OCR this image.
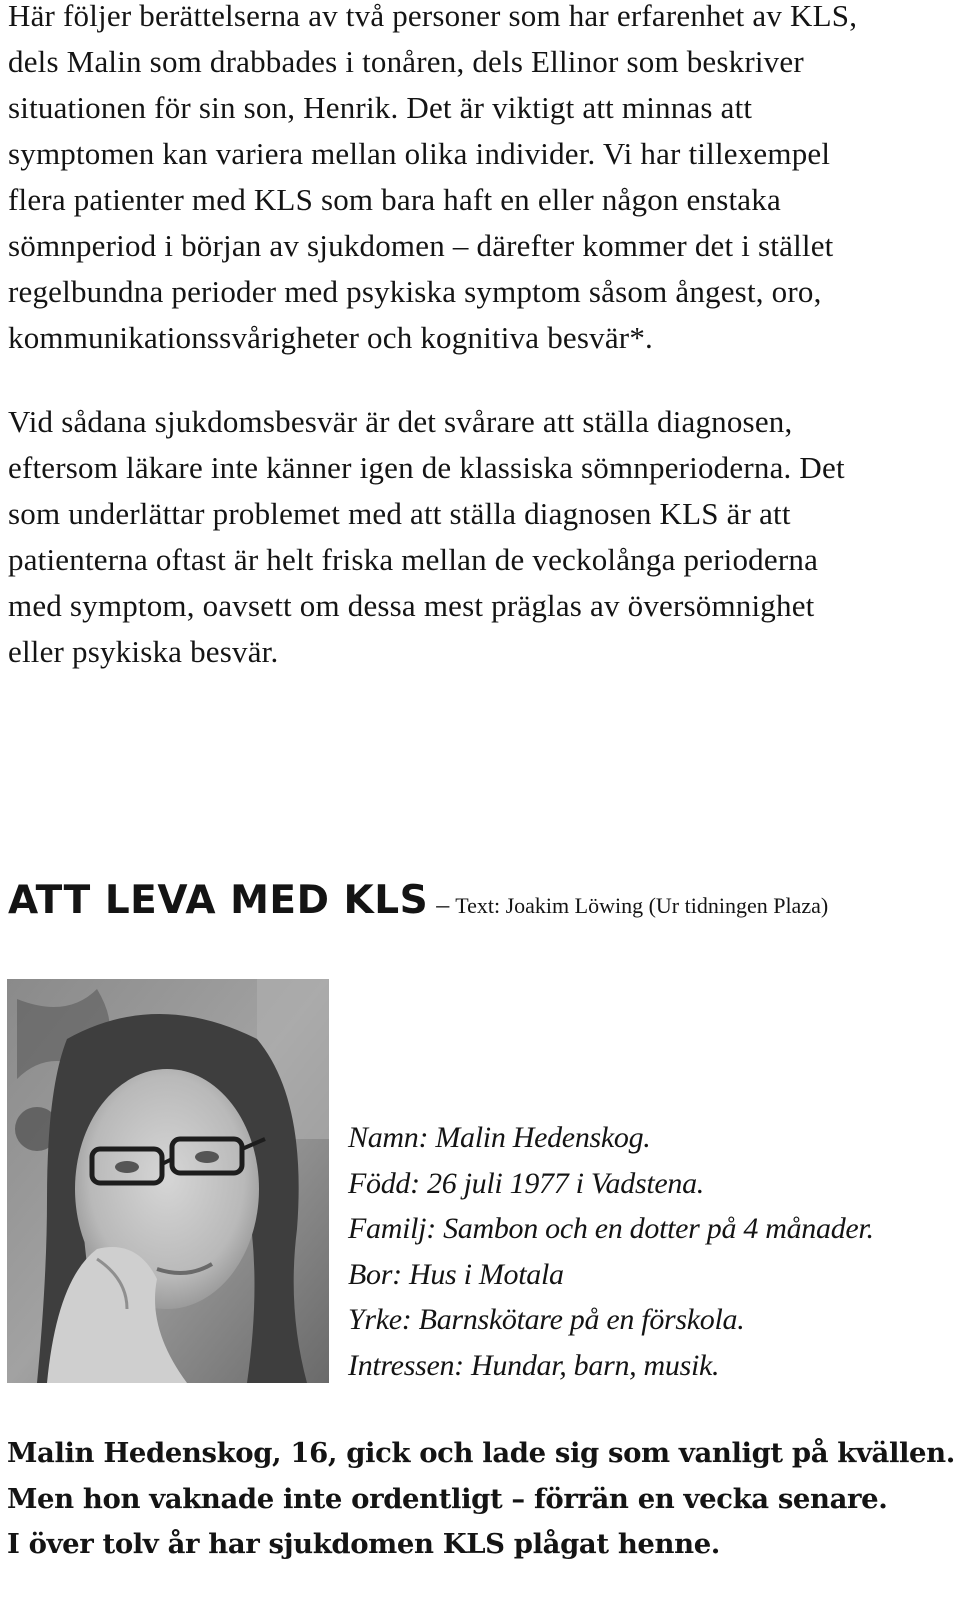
Här följer berättelserna av två personer som har erfarenhet av KLS,
dels Malin som drabbades i tonåren, dels Ellinor som beskriver
situationen för sin son, Henrik. Det är viktigt att minnas att
symptomen kan variera mellan olika individer. Vi har tillexempel
flera patienter med KLS som bara haft en eller någon enstaka
sömnperiod i början av sjukdomen – därefter kommer det i stället
regelbundna perioder med psykiska symptom såsom ångest, oro,
kommunikationssvårigheter och kognitiva besvär*.

Vid sådana sjukdomsbesvär är det svårare att ställa diagnosen,
eftersom läkare inte känner igen de klassiska sömnperioderna. Det
som underlättar problemet med att ställa diagnosen KLS är att
patienterna oftast är helt friska mellan de veckolånga perioderna
med symptom, oavsett om dessa mest präglas av översömnighet
eller psykiska besvär.

ATT LEVA MED KLS – Text: Joakim Löwing (Ur tidningen Plaza)
Namn: Malin Hedenskog.
Född: 26 juli 1977 i Vadstena.
Familj: Sambon och en dotter på 4 månader.
Bor: Hus i Motala
Yrke: Barnskötare på en förskola.
Intressen: Hundar, barn, musik.

Malin Hedenskog, 16, gick och lade sig som vanligt på kvällen.
Men hon vaknade inte ordentligt – förrän en vecka senare.
I över tolv år har sjukdomen KLS plågat henne.
